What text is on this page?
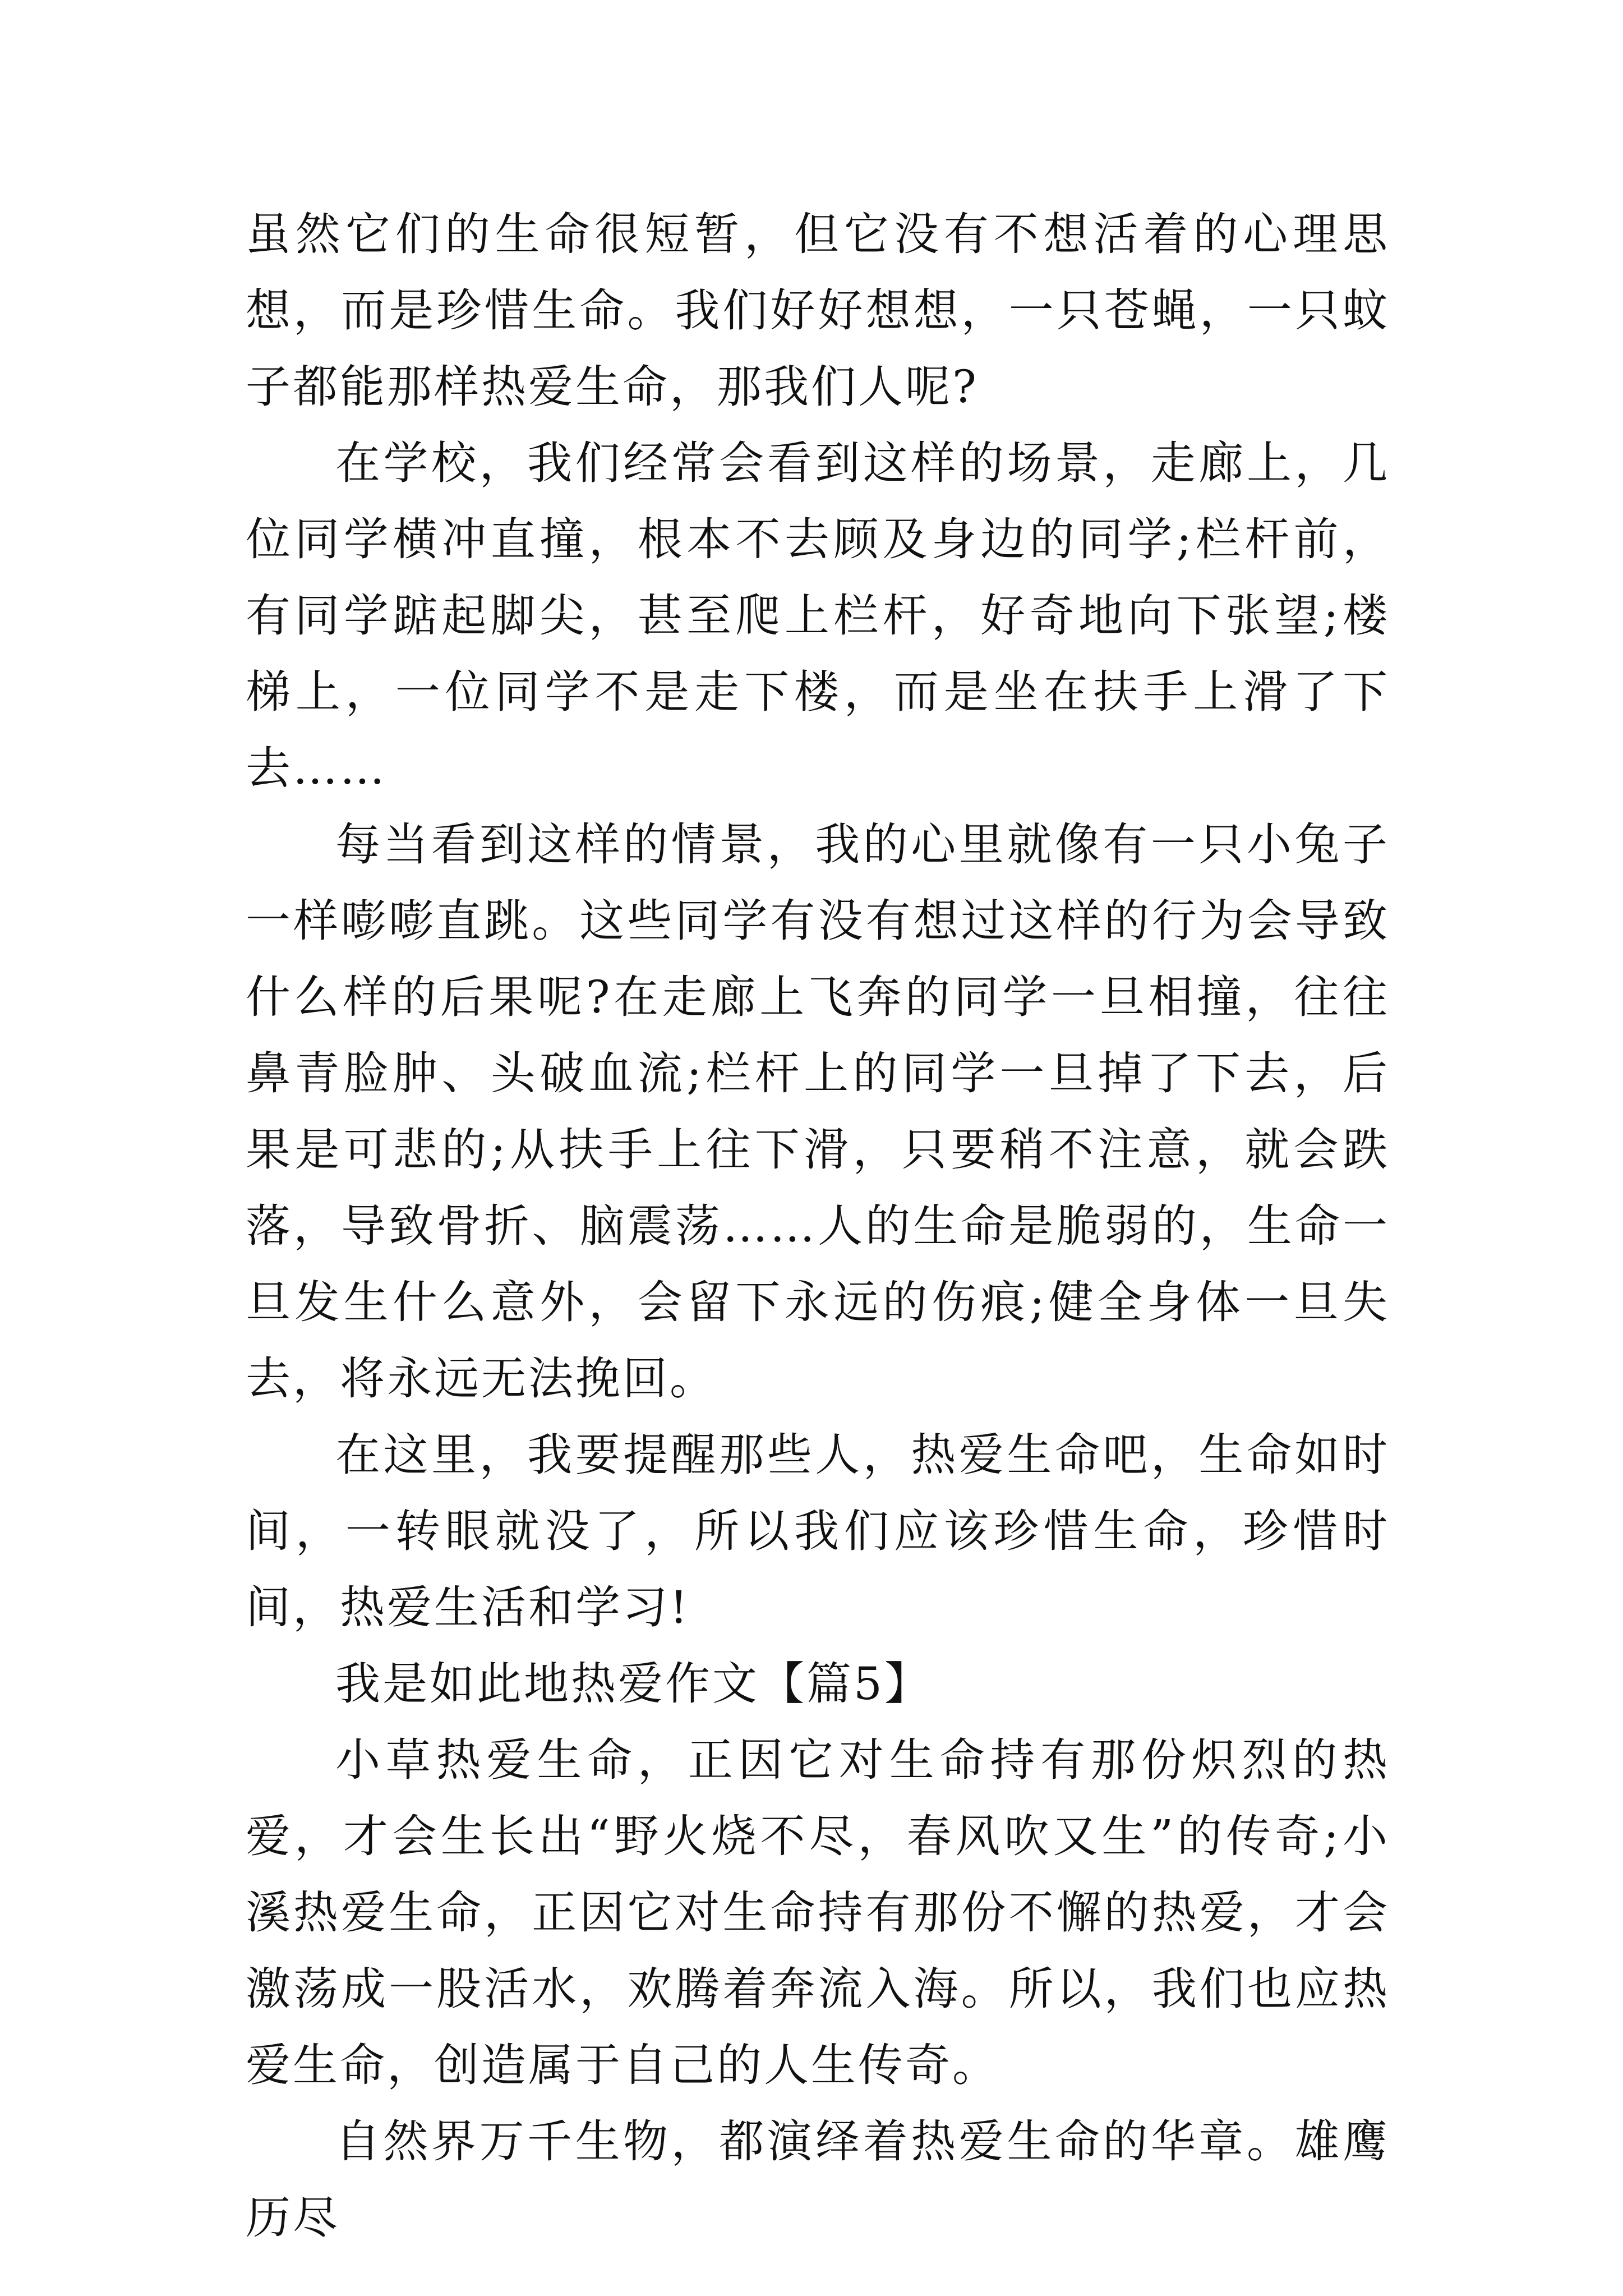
虽然它们的生命很短暂，但它没有不想活着的心理思想，而是珍惜生命。我们好好想想，一只苍蝇，一只蚊子都能那样热爱生命，那我们人呢?

在学校，我们经常会看到这样的场景，走廊上，几位同学横冲直撞，根本不去顾及身边的同学;栏杆前，有同学踮起脚尖，甚至爬上栏杆，好奇地向下张望;楼梯上，一位同学不是走下楼，而是坐在扶手上滑了下去……

每当看到这样的情景，我的心里就像有一只小兔子一样嘭嘭直跳。这些同学有没有想过这样的行为会导致什么样的后果呢?在走廊上飞奔的同学一旦相撞，往往鼻青脸肿、头破血流;栏杆上的同学一旦掉了下去，后果是可悲的;从扶手上往下滑，只要稍不注意，就会跌落，导致骨折、脑震荡……人的生命是脆弱的，生命一旦发生什么意外，会留下永远的伤痕;健全身体一旦失去，将永远无法挽回。

在这里，我要提醒那些人，热爱生命吧，生命如时间，一转眼就没了，所以我们应该珍惜生命，珍惜时间，热爱生活和学习!

我是如此地热爱作文【篇5】

小草热爱生命，正因它对生命持有那份炽烈的热爱，才会生长出“野火烧不尽，春风吹又生”的传奇;小溪热爱生命，正因它对生命持有那份不懈的热爱，才会激荡成一股活水，欢腾着奔流入海。所以，我们也应热爱生命，创造属于自己的人生传奇。

自然界万千生物，都演绎着热爱生命的华章。雄鹰历尽
